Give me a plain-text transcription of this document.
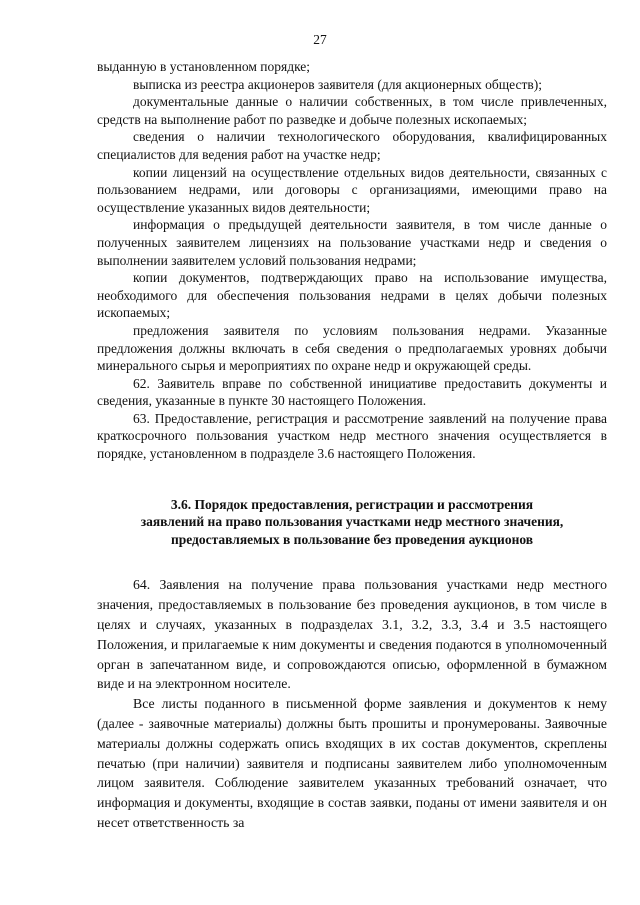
27

выданную в установленном порядке;

выписка из реестра акционеров заявителя (для акционерных обществ);

документальные данные о наличии собственных, в том числе привлеченных, средств на выполнение работ по разведке и добыче полезных ископаемых;

сведения о наличии технологического оборудования, квалифицированных специалистов для ведения работ на участке недр;

копии лицензий на осуществление отдельных видов деятельности, связанных с пользованием недрами, или договоры с организациями, имеющими право на осуществление указанных видов деятельности;

информация о предыдущей деятельности заявителя, в том числе данные о полученных заявителем лицензиях на пользование участками недр и сведения о выполнении заявителем условий пользования недрами;

копии документов, подтверждающих право на использование имущества, необходимого для обеспечения пользования недрами в целях добычи полезных ископаемых;

предложения заявителя по условиям пользования недрами. Указанные предложения должны включать в себя сведения о предполагаемых уровнях добычи минерального сырья и мероприятиях по охране недр и окружающей среды.

62. Заявитель вправе по собственной инициативе предоставить документы и сведения, указанные в пункте 30 настоящего Положения.

63. Предоставление, регистрация и рассмотрение заявлений на получение права краткосрочного пользования участком недр местного значения осуществляется в порядке, установленном в подразделе 3.6 настоящего Положения.

3.6. Порядок предоставления, регистрации и рассмотрения
заявлений на право пользования участками недр местного значения,
предоставляемых в пользование без проведения аукционов

64. Заявления на получение права пользования участками недр местного значения, предоставляемых в пользование без проведения аукционов, в том числе в целях и случаях, указанных в подразделах 3.1, 3.2, 3.3, 3.4 и 3.5 настоящего Положения, и прилагаемые к ним документы и сведения подаются в уполномоченный орган в запечатанном виде, и сопровождаются описью, оформленной в бумажном виде и на электронном носителе.

Все листы поданного в письменной форме заявления и документов к нему (далее - заявочные материалы) должны быть прошиты и пронумерованы. Заявочные материалы должны содержать опись входящих в их состав документов, скреплены печатью (при наличии) заявителя и подписаны заявителем либо уполномоченным лицом заявителя. Соблюдение заявителем указанных требований означает, что информация и документы, входящие в состав заявки, поданы от имени заявителя и он несет ответственность за
